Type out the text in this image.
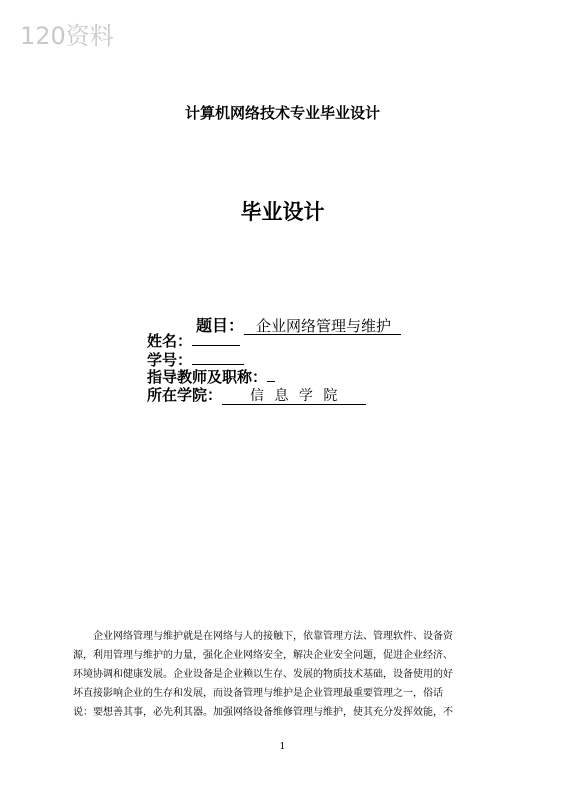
120资料
计算机网络技术专业毕业设计
毕业设计
题目： 企业网络管理与维护
姓名：
学号：
指导教师及职称：
所在学院： 信 息 学 院
企业网络管理与维护就是在网络与人的接触下，依靠管理方法、管理软件、设备资
源，利用管理与维护的力量，强化企业网络安全，解决企业安全问题，促进企业经济、
环境协调和健康发展。企业设备是企业赖以生存、发展的物质技术基础，设备使用的好
坏直接影响企业的生存和发展，而设备管理与维护是企业管理最重要管理之一，俗话
说：要想善其事，必先利其器。加强网络设备维修管理与维护，使其充分发挥效能，不
1
